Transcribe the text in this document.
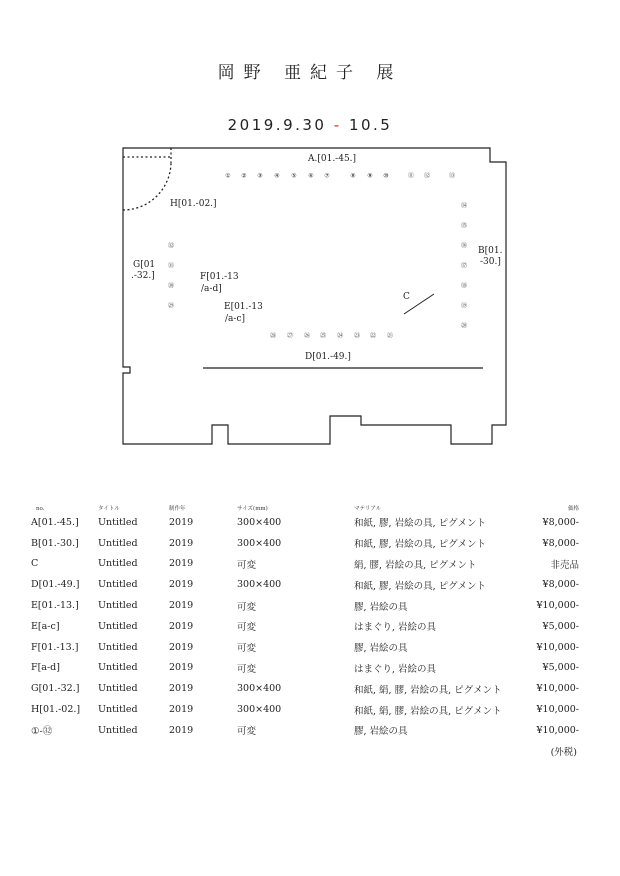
岡野 亜紀子 展
2019.9.30 - 10.5
A.[01.-45.]
B[01.
-30.]
C
D[01.-49.]
E[01.-13
/a-c]
F[01.-13
/a-d]
G[01
.-32.]
H[01.-02.]
① ② ③ ④ ⑤ ⑥ ⑦	⑧ ⑨ ⑩	⑪ ⑫	⑬
⑭
⑮
⑯
⑰
⑱
⑲
⑳
㉑
㉒
㉓
㉔
㉕
㉖
㉗
㉘
㉙
㉚
㉛
㉜
no.	タイトル	制作年	サイズ(mm)	マテリアル	価格
A[01.-45.]	Untitled	2019	300×400	和紙, 膠, 岩絵の具, ピグメント	¥8,000-
B[01.-30.]	Untitled	2019	300×400	和紙, 膠, 岩絵の具, ピグメント	¥8,000-
C	Untitled	2019	可変	絹, 膠, 岩絵の具, ピグメント	非売品
D[01.-49.]	Untitled	2019	300×400	和紙, 膠, 岩絵の具, ピグメント	¥8,000-
E[01.-13.]	Untitled	2019	可変	膠, 岩絵の具	¥10,000-
E[a-c]	Untitled	2019	可変	はまぐり, 岩絵の具	¥5,000-
F[01.-13.]	Untitled	2019	可変	膠, 岩絵の具	¥10,000-
F[a-d]	Untitled	2019	可変	はまぐり, 岩絵の具	¥5,000-
G[01.-32.]	Untitled	2019	300×400	和紙, 絹, 膠, 岩絵の具, ピグメント	¥10,000-
H[01.-02.]	Untitled	2019	300×400	和紙, 絹, 膠, 岩絵の具, ピグメント	¥10,000-
①-㉜	Untitled	2019	可変	膠, 岩絵の具	¥10,000-
(外税)
